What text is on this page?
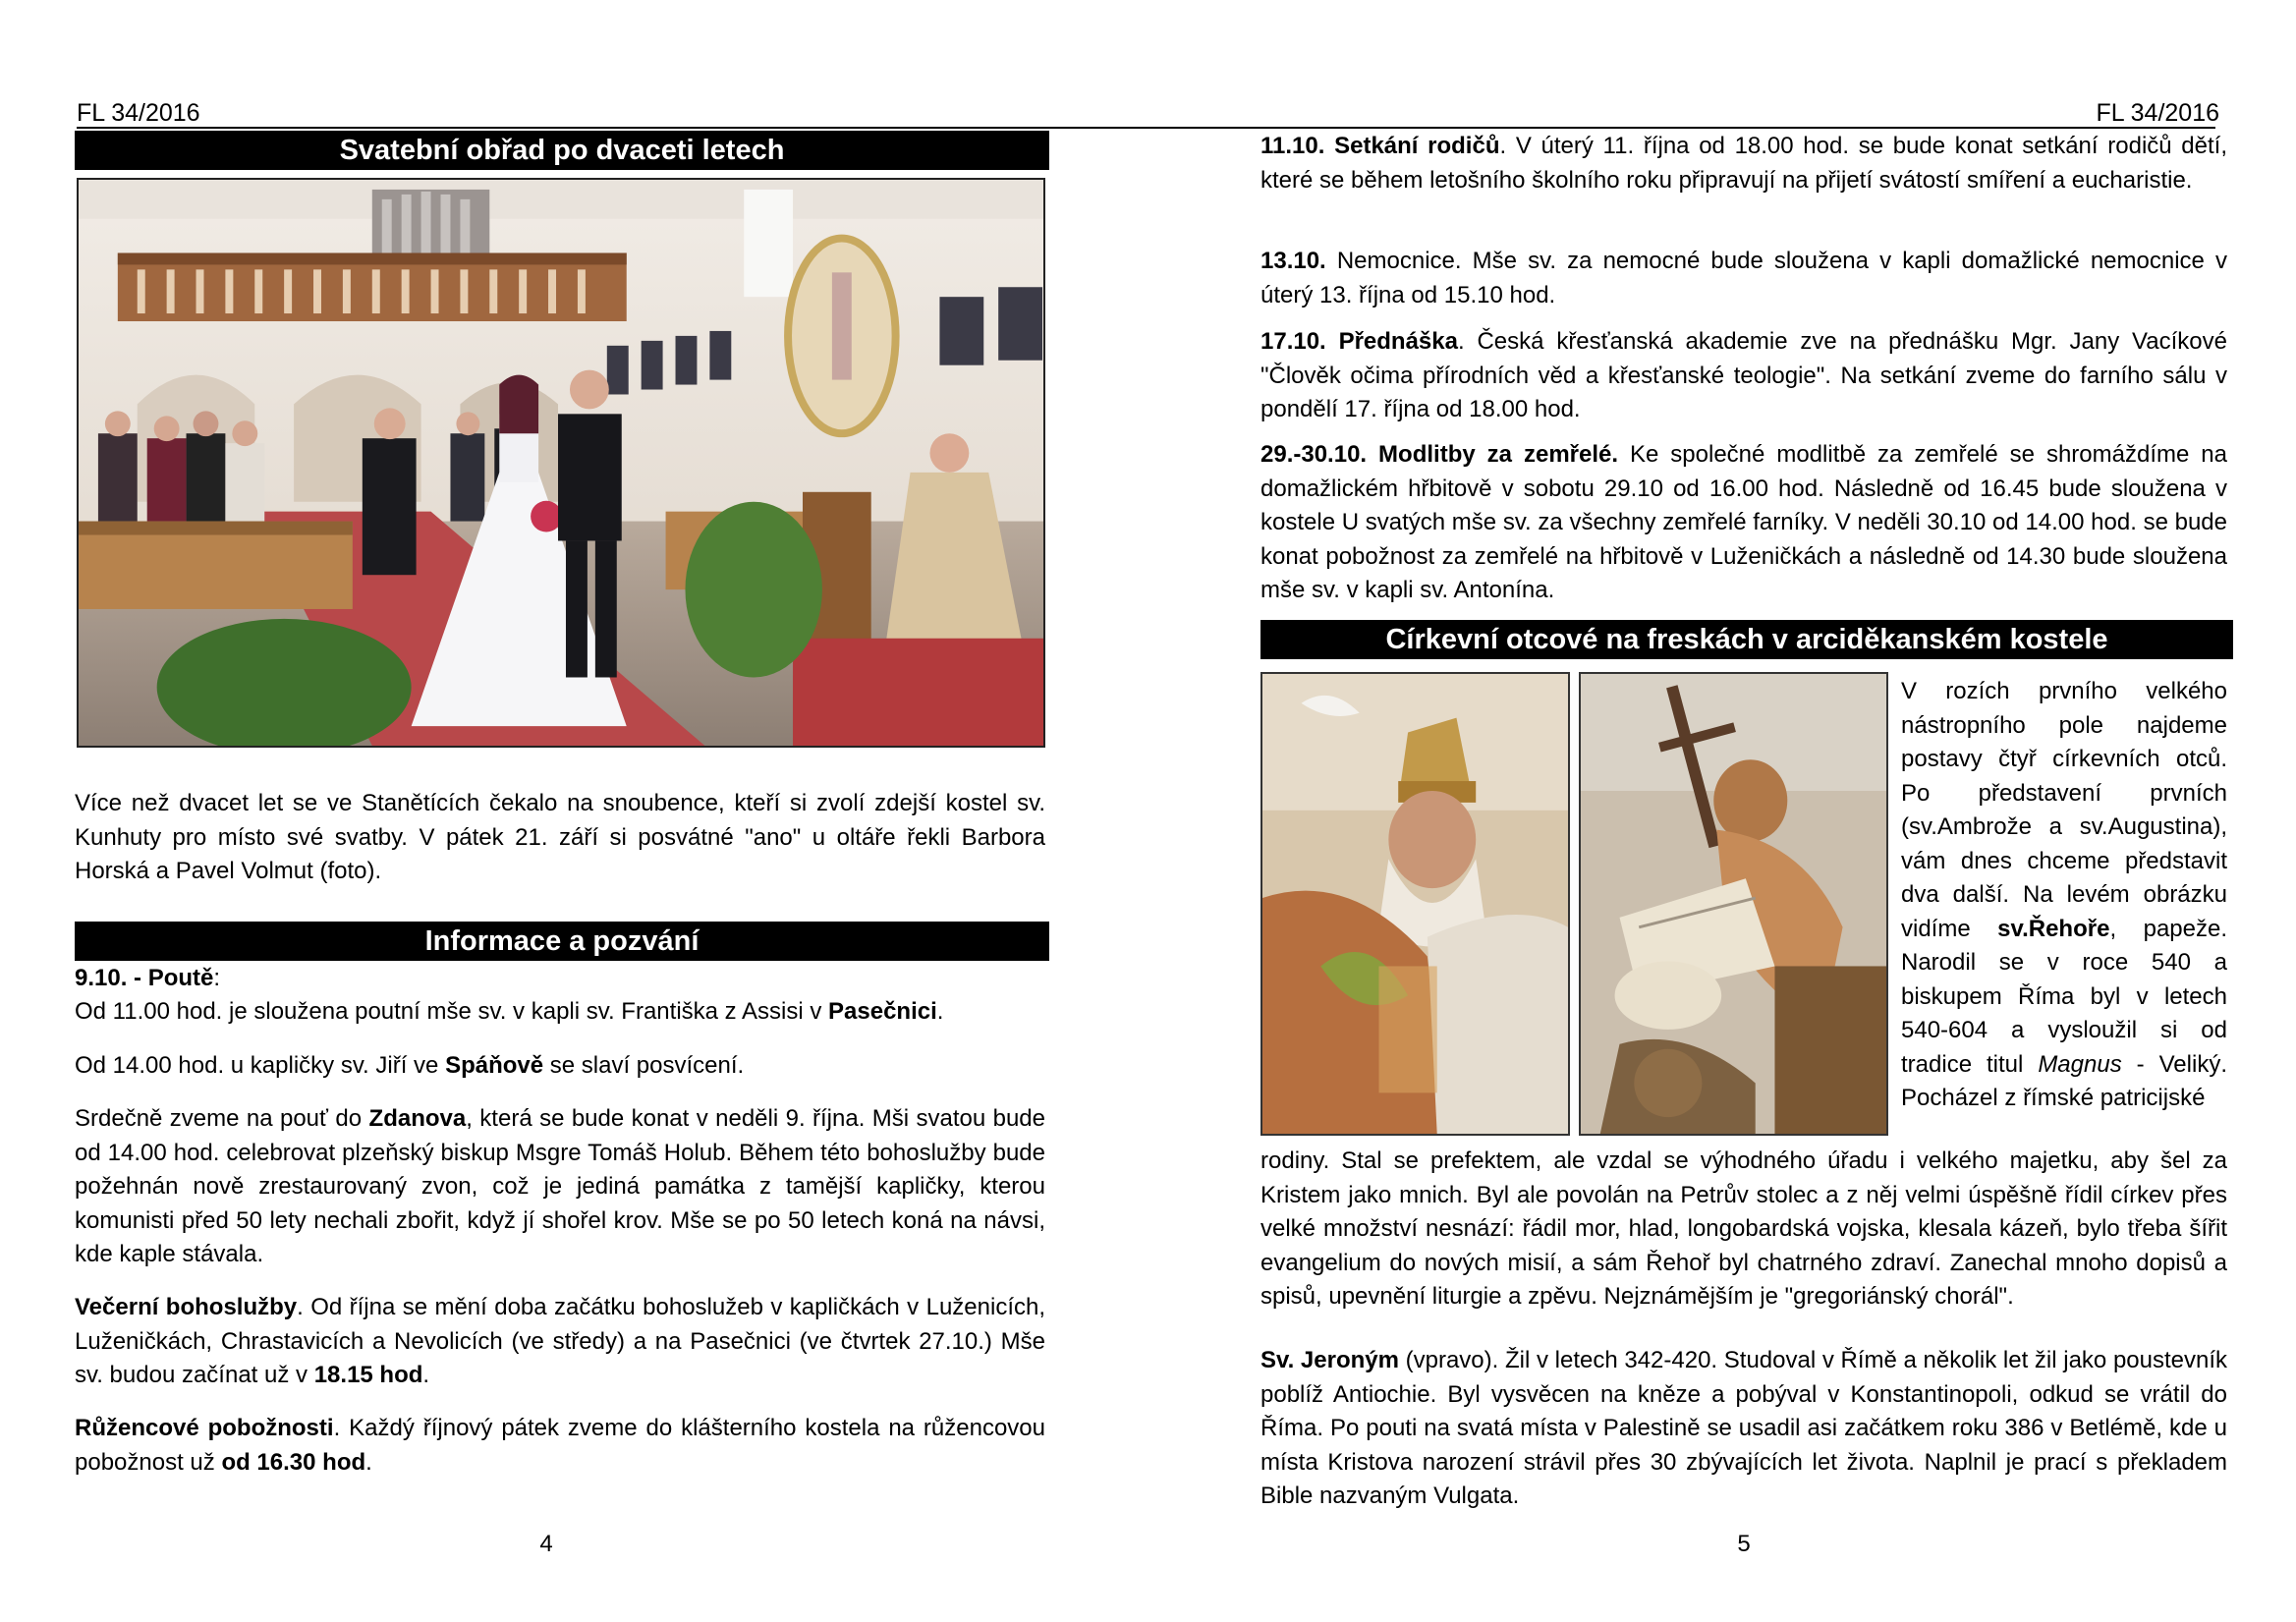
FL 34/2016	FL 34/2016
Svatební obřad po dvaceti letech

Více než dvacet let se ve Stanětících čekalo na snoubence, kteří si zvolí zdejší kostel sv. Kunhuty pro místo své svatby. V pátek 21. září si posvátné "ano" u oltáře řekli Barbora Horská a Pavel Volmut (foto).

Informace a pozvání

9.10. - Poutě:

Od 11.00 hod. je sloužena poutní mše sv. v kapli sv. Františka z Assisi v Pasečnici.

Od 14.00 hod. u kapličky sv. Jiří ve Spáňově se slaví posvícení.

Srdečně zveme na pouť do Zdanova, která se bude konat v neděli 9. října. Mši svatou bude od 14.00 hod. celebrovat plzeňský biskup Msgre Tomáš Holub. Během této bohoslužby bude požehnán nově zrestaurovaný zvon, což je jediná památka z tamější kapličky, kterou komunisti před 50 lety nechali zbořit, když jí shořel krov. Mše se po 50 letech koná na návsi, kde kaple stávala.

Večerní bohoslužby. Od října se mění doba začátku bohoslužeb v kapličkách v Luženicích, Luženičkách, Chrastavicích a Nevolicích (ve středy) a na Pasečnici (ve čtvrtek 27.10.) Mše sv. budou začínat už v 18.15 hod.

Růžencové pobožnosti. Každý říjnový pátek zveme do klášterního kostela na růžencovou pobožnost už od 16.30 hod.

4

11.10. Setkání rodičů. V úterý 11. října od 18.00 hod. se bude konat setkání rodičů dětí, které se během letošního školního roku připravují na přijetí svátostí smíření a eucharistie.

13.10. Nemocnice. Mše sv. za nemocné bude sloužena v kapli domažlické nemocnice v úterý 13. října od 15.10 hod.

17.10. Přednáška. Česká křesťanská akademie zve na přednášku Mgr. Jany Vacíkové "Člověk očima přírodních věd a křesťanské teologie". Na setkání zveme do farního sálu v pondělí 17. října od 18.00 hod.

29.-30.10. Modlitby za zemřelé. Ke společné modlitbě za zemřelé se shromáždíme na domažlickém hřbitově v sobotu 29.10 od 16.00 hod. Následně od 16.45 bude sloužena v kostele U svatých mše sv. za všechny zemřelé farníky. V neděli 30.10 od 14.00 hod. se bude konat pobožnost za zemřelé na hřbitově v Luženičkách a následně od 14.30 bude sloužena mše sv. v kapli sv. Antonína.

Církevní otcové na freskách v arciděkanském kostele

V rozích prvního velkého nástropního pole najdeme postavy čtyř církevních otců. Po představení prvních (sv.Ambrože a sv.Augustina), vám dnes chceme představit dva další. Na levém obrázku vidíme sv.Řehoře, papeže. Narodil se v roce 540 a biskupem Říma byl v letech 540-604 a vysloužil si od tradice titul Magnus - Veliký. Pocházel z římské patricijské

rodiny. Stal se prefektem, ale vzdal se výhodného úřadu i velkého majetku, aby šel za Kristem jako mnich. Byl ale povolán na Petrův stolec a z něj velmi úspěšně řídil církev přes velké množství nesnází: řádil mor, hlad, longobardská vojska, klesala kázeň, bylo třeba šířit evangelium do nových misií, a sám Řehoř byl chatrného zdraví. Zanechal mnoho dopisů a spisů, upevnění liturgie a zpěvu. Nejznámějším je "gregoriánský chorál".

Sv. Jeroným (vpravo). Žil v letech 342-420. Studoval v Římě a několik let žil jako poustevník poblíž Antiochie. Byl vysvěcen na kněze a pobýval v Konstantinopoli, odkud se vrátil do Říma. Po pouti na svatá místa v Palestině se usadil asi začátkem roku 386 v Betlémě, kde u místa Kristova narození strávil přes 30 zbývajících let života. Naplnil je prací s překladem Bible nazvaným Vulgata.

5
